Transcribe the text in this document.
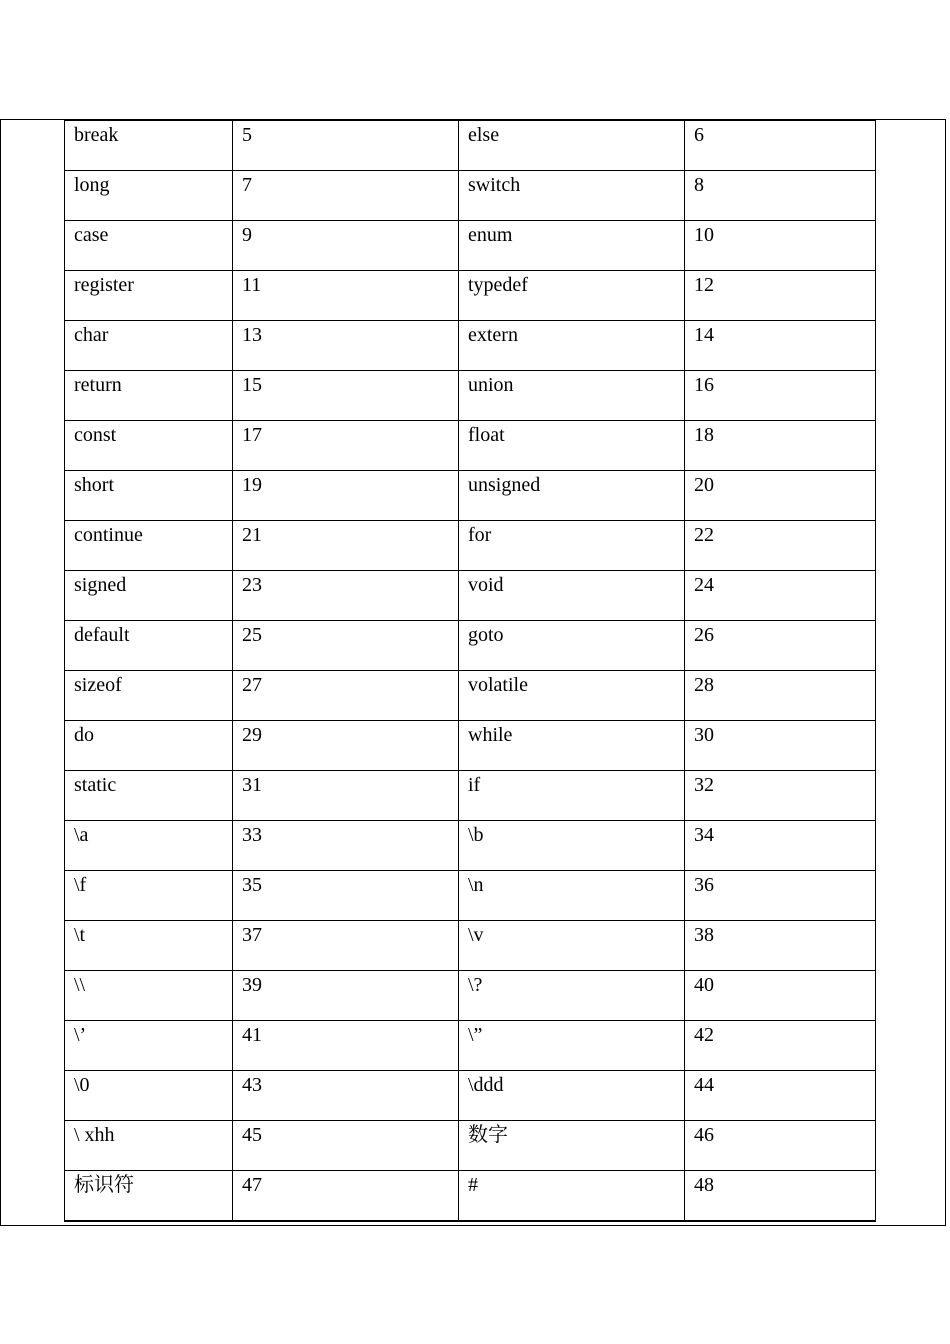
break	5	else	6
long	7	switch	8
case	9	enum	10
register	11	typedef	12
char	13	extern	14
return	15	union	16
const	17	float	18
short	19	unsigned	20
continue	21	for	22
signed	23	void	24
default	25	goto	26
sizeof	27	volatile	28
do	29	while	30
static	31	if	32
\a	33	\b	34
\f	35	\n	36
\t	37	\v	38
\\	39	\?	40
\’	41	\”	42
\0	43	\ddd	44
\ xhh	45	数字	46
标识符	47	#	48
